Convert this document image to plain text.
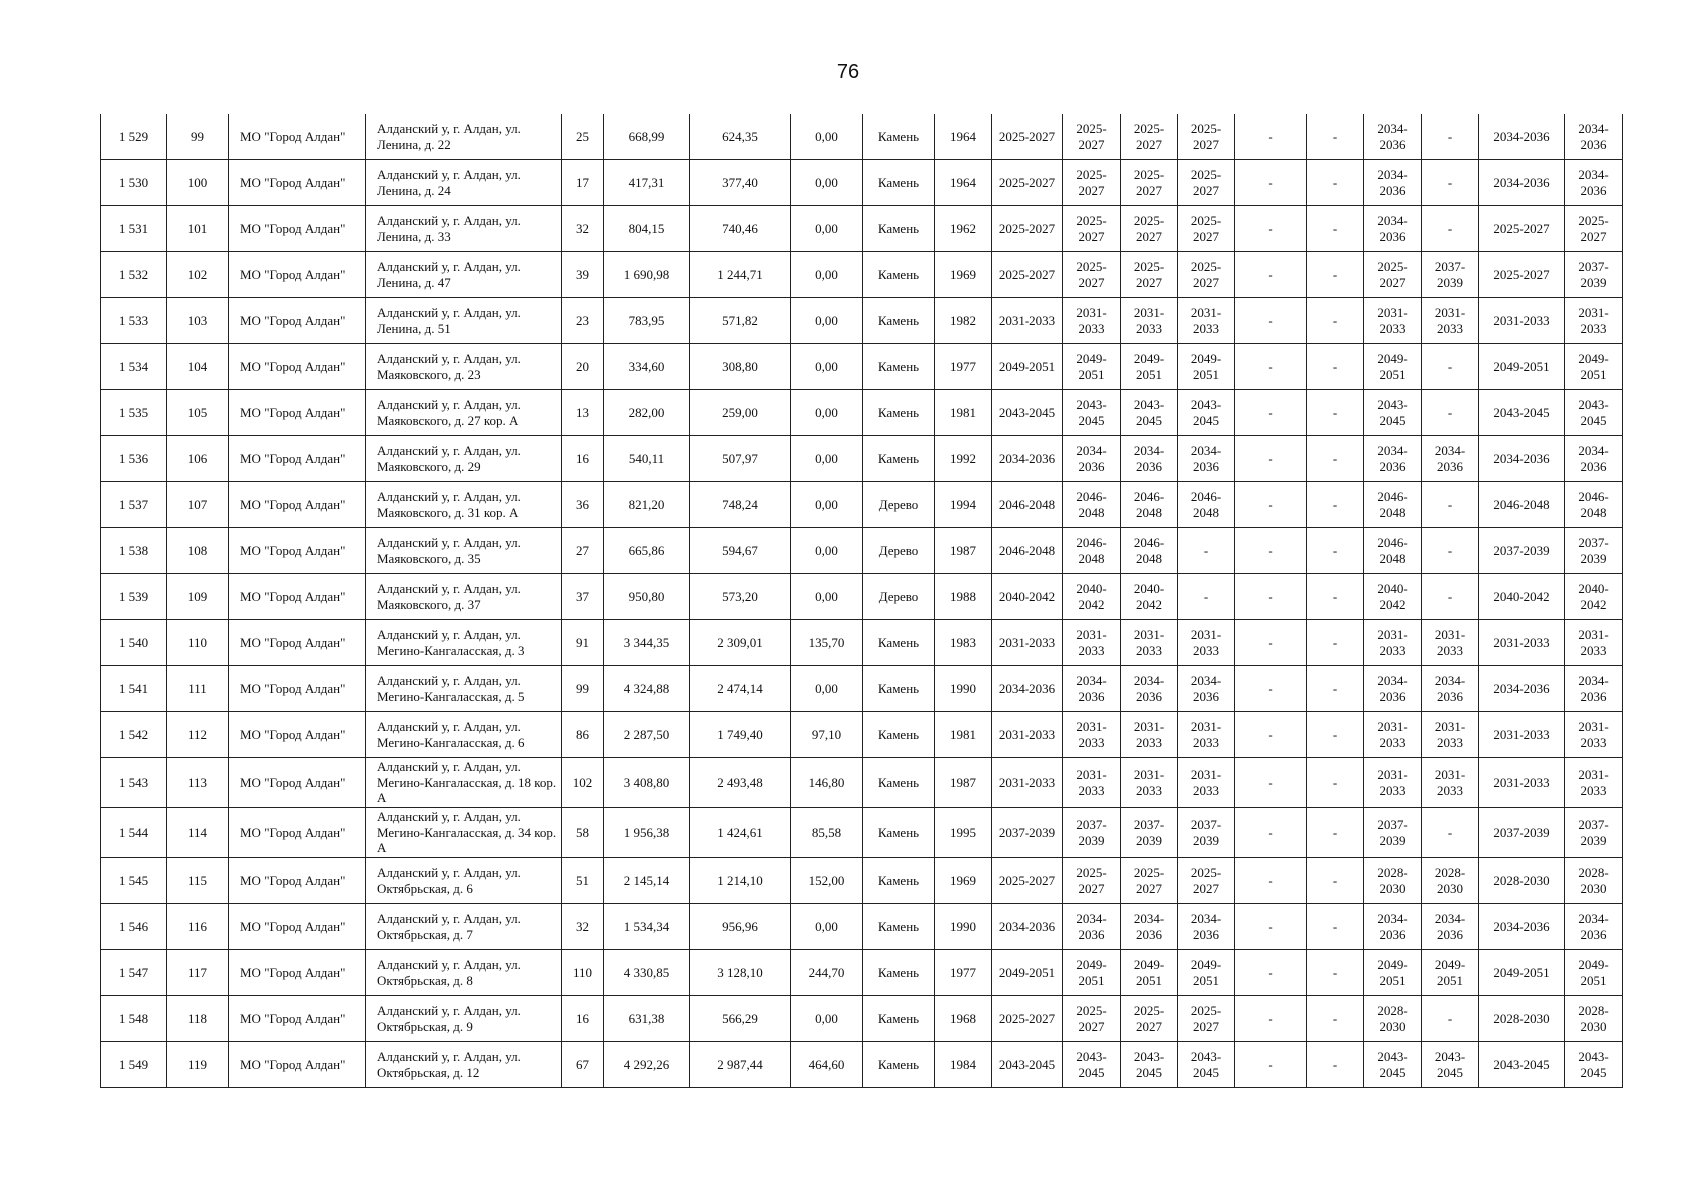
76
1 529	99	МО "Город Алдан"	Алданский у, г. Алдан, ул. Ленина, д. 22	25	668,99	624,35	0,00	Камень	1964	2025-2027	2025-2027	2025-2027	2025-2027	-	-	2034-2036	-	2034-2036	2034-2036
1 530	100	МО "Город Алдан"	Алданский у, г. Алдан, ул. Ленина, д. 24	17	417,31	377,40	0,00	Камень	1964	2025-2027	2025-2027	2025-2027	2025-2027	-	-	2034-2036	-	2034-2036	2034-2036
1 531	101	МО "Город Алдан"	Алданский у, г. Алдан, ул. Ленина, д. 33	32	804,15	740,46	0,00	Камень	1962	2025-2027	2025-2027	2025-2027	2025-2027	-	-	2034-2036	-	2025-2027	2025-2027
1 532	102	МО "Город Алдан"	Алданский у, г. Алдан, ул. Ленина, д. 47	39	1 690,98	1 244,71	0,00	Камень	1969	2025-2027	2025-2027	2025-2027	2025-2027	-	-	2025-2027	2037-2039	2025-2027	2037-2039
1 533	103	МО "Город Алдан"	Алданский у, г. Алдан, ул. Ленина, д. 51	23	783,95	571,82	0,00	Камень	1982	2031-2033	2031-2033	2031-2033	2031-2033	-	-	2031-2033	2031-2033	2031-2033	2031-2033
1 534	104	МО "Город Алдан"	Алданский у, г. Алдан, ул. Маяковского, д. 23	20	334,60	308,80	0,00	Камень	1977	2049-2051	2049-2051	2049-2051	2049-2051	-	-	2049-2051	-	2049-2051	2049-2051
1 535	105	МО "Город Алдан"	Алданский у, г. Алдан, ул. Маяковского, д. 27 кор. А	13	282,00	259,00	0,00	Камень	1981	2043-2045	2043-2045	2043-2045	2043-2045	-	-	2043-2045	-	2043-2045	2043-2045
1 536	106	МО "Город Алдан"	Алданский у, г. Алдан, ул. Маяковского, д. 29	16	540,11	507,97	0,00	Камень	1992	2034-2036	2034-2036	2034-2036	2034-2036	-	-	2034-2036	2034-2036	2034-2036	2034-2036
1 537	107	МО "Город Алдан"	Алданский у, г. Алдан, ул. Маяковского, д. 31 кор. А	36	821,20	748,24	0,00	Дерево	1994	2046-2048	2046-2048	2046-2048	2046-2048	-	-	2046-2048	-	2046-2048	2046-2048
1 538	108	МО "Город Алдан"	Алданский у, г. Алдан, ул. Маяковского, д. 35	27	665,86	594,67	0,00	Дерево	1987	2046-2048	2046-2048	2046-2048	-	-	-	2046-2048	-	2037-2039	2037-2039
1 539	109	МО "Город Алдан"	Алданский у, г. Алдан, ул. Маяковского, д. 37	37	950,80	573,20	0,00	Дерево	1988	2040-2042	2040-2042	2040-2042	-	-	-	2040-2042	-	2040-2042	2040-2042
1 540	110	МО "Город Алдан"	Алданский у, г. Алдан, ул. Мегино-Кангаласская, д. 3	91	3 344,35	2 309,01	135,70	Камень	1983	2031-2033	2031-2033	2031-2033	2031-2033	-	-	2031-2033	2031-2033	2031-2033	2031-2033
1 541	111	МО "Город Алдан"	Алданский у, г. Алдан, ул. Мегино-Кангаласская, д. 5	99	4 324,88	2 474,14	0,00	Камень	1990	2034-2036	2034-2036	2034-2036	2034-2036	-	-	2034-2036	2034-2036	2034-2036	2034-2036
1 542	112	МО "Город Алдан"	Алданский у, г. Алдан, ул. Мегино-Кангаласская, д. 6	86	2 287,50	1 749,40	97,10	Камень	1981	2031-2033	2031-2033	2031-2033	2031-2033	-	-	2031-2033	2031-2033	2031-2033	2031-2033
1 543	113	МО "Город Алдан"	Алданский у, г. Алдан, ул. Мегино-Кангаласская, д. 18 кор. А	102	3 408,80	2 493,48	146,80	Камень	1987	2031-2033	2031-2033	2031-2033	2031-2033	-	-	2031-2033	2031-2033	2031-2033	2031-2033
1 544	114	МО "Город Алдан"	Алданский у, г. Алдан, ул. Мегино-Кангаласская, д. 34 кор. А	58	1 956,38	1 424,61	85,58	Камень	1995	2037-2039	2037-2039	2037-2039	2037-2039	-	-	2037-2039	-	2037-2039	2037-2039
1 545	115	МО "Город Алдан"	Алданский у, г. Алдан, ул. Октябрьская, д. 6	51	2 145,14	1 214,10	152,00	Камень	1969	2025-2027	2025-2027	2025-2027	2025-2027	-	-	2028-2030	2028-2030	2028-2030	2028-2030
1 546	116	МО "Город Алдан"	Алданский у, г. Алдан, ул. Октябрьская, д. 7	32	1 534,34	956,96	0,00	Камень	1990	2034-2036	2034-2036	2034-2036	2034-2036	-	-	2034-2036	2034-2036	2034-2036	2034-2036
1 547	117	МО "Город Алдан"	Алданский у, г. Алдан, ул. Октябрьская, д. 8	110	4 330,85	3 128,10	244,70	Камень	1977	2049-2051	2049-2051	2049-2051	2049-2051	-	-	2049-2051	2049-2051	2049-2051	2049-2051
1 548	118	МО "Город Алдан"	Алданский у, г. Алдан, ул. Октябрьская, д. 9	16	631,38	566,29	0,00	Камень	1968	2025-2027	2025-2027	2025-2027	2025-2027	-	-	2028-2030	-	2028-2030	2028-2030
1 549	119	МО "Город Алдан"	Алданский у, г. Алдан, ул. Октябрьская, д. 12	67	4 292,26	2 987,44	464,60	Камень	1984	2043-2045	2043-2045	2043-2045	2043-2045	-	-	2043-2045	2043-2045	2043-2045	2043-2045
